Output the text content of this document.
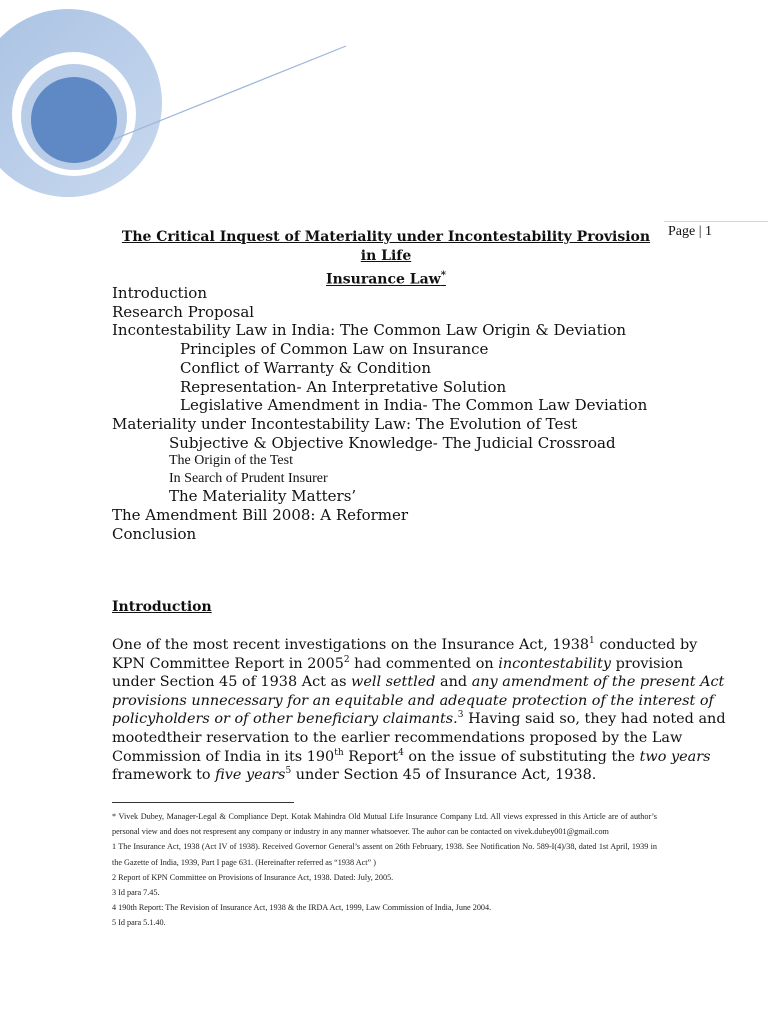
Page | 1
The Critical Inquest of Materiality under Incontestability Provision in Life
Insurance Law*
Introduction
Research Proposal
Incontestability Law in India: The Common Law Origin & Deviation
Principles of Common Law on Insurance
Conflict of Warranty & Condition
Representation- An Interpretative Solution
Legislative Amendment in India- The Common Law Deviation
Materiality under Incontestability Law: The Evolution of Test
Subjective & Objective Knowledge- The Judicial Crossroad
The Origin of the Test
In Search of Prudent Insurer
The Materiality Matters’
The Amendment Bill 2008: A Reformer
Conclusion
Introduction
One of the most recent investigations on the Insurance Act, 1938$^1$ conducted by
KPN Committee Report in 2005$^2$ had commented on incontestability provision
under Section 45 of 1938 Act as well settled and any amendment of the present Act
provisions unnecessary for an equitable and adequate protection of the interest of
policyholders or of other beneficiary claimants.$^3$ Having said so, they had noted and
mootedtheir reservation to the earlier recommendations proposed by the Law
Commission of India in its 190th Report$^4$ on the issue of substituting the two years
framework to five years$^5$ under Section 45 of Insurance Act, 1938.

* Vivek Dubey, Manager-Legal & Compliance Dept. Kotak Mahindra Old Mutual Life Insurance Company Ltd. All views expressed in this Article are of author’s personal view and does not respresent any company or industry in any manner whatsoever. The auhor can be contacted on vivek.dubey001@gmail.com

1 The Insurance Act, 1938 (Act IV of 1938). Received Governor General’s assent on 26th February, 1938. See Notification No. 589-I(4)/38, dated 1st April, 1939 in the Gazette of India, 1939, Part I page 631. (Hereinafter referred as “1938 Act” )

2 Report of KPN Committee on Provisions of Insurance Act, 1938. Dated: July, 2005.

3 Id para 7.45.

4 190th Report: The Revision of Insurance Act, 1938 & the IRDA Act, 1999, Law Commission of India, June 2004.

5 Id para 5.1.40.
